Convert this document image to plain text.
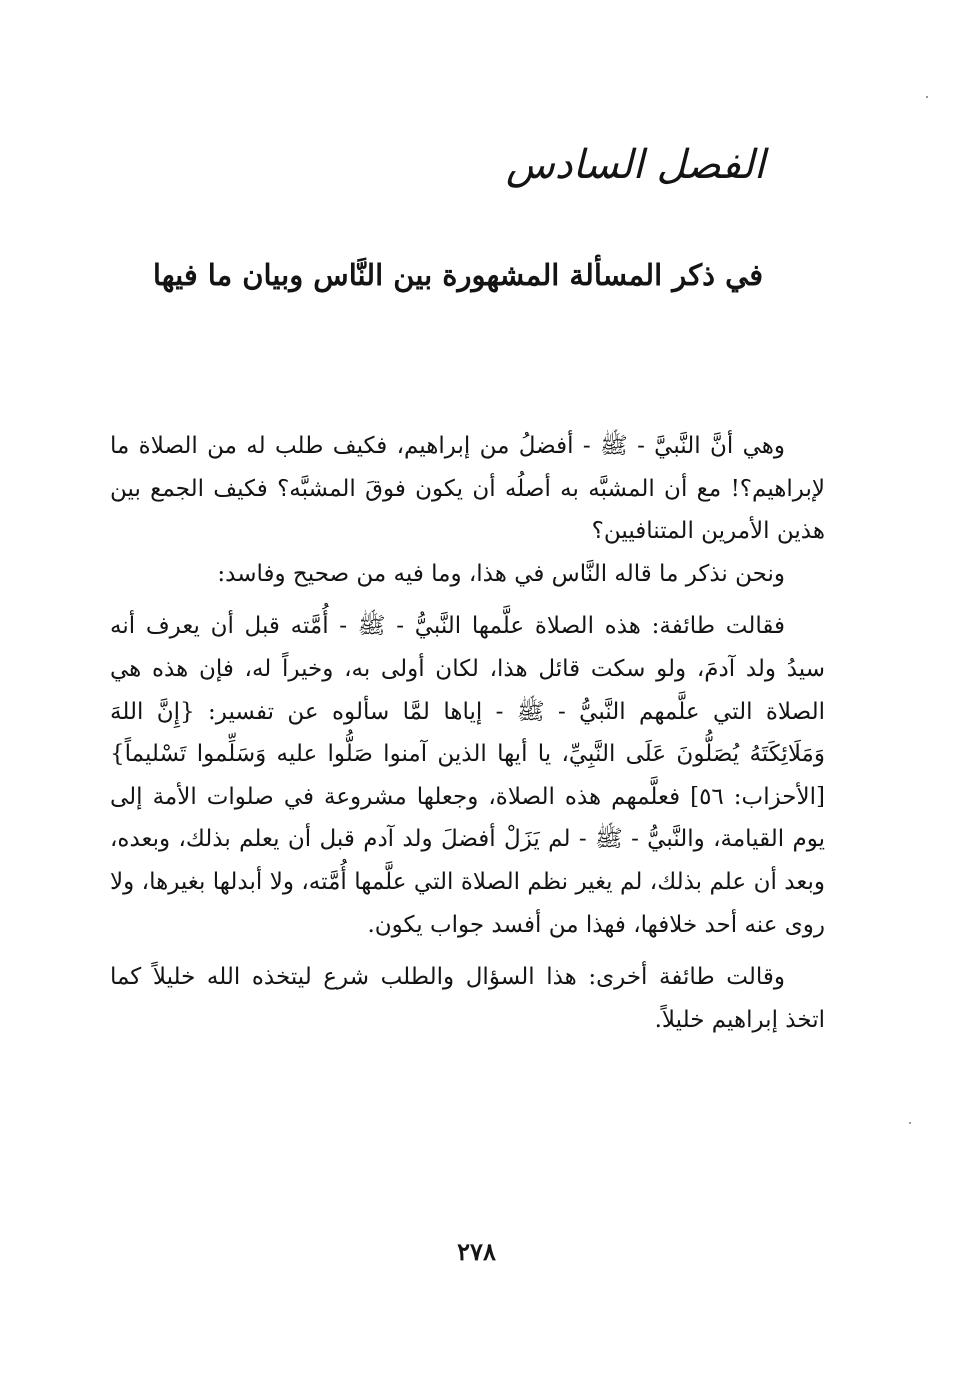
الفصل السادس
في ذكر المسألة المشهورة بين النَّاس وبيان ما فيها

وهي أنَّ النَّبيَّ - ﷺ - أفضلُ من إبراهيم، فكيف طلب له من الصلاة ما لإبراهيم؟! مع أن المشبَّه به أصلُه أن يكون فوقَ المشبَّه؟ فكيف الجمع بين هذين الأمرين المتنافيين؟

ونحن نذكر ما قاله النَّاس في هذا، وما فيه من صحيح وفاسد:

فقالت طائفة: هذه الصلاة علَّمها النَّبيُّ - ﷺ - أُمَّته قبل أن يعرف أنه سيدُ ولد آدمَ، ولو سكت قائل هذا، لكان أولى به، وخيراً له، فإن هذه هي الصلاة التي علَّمهم النَّبيُّ - ﷺ - إياها لمَّا سألوه عن تفسير: {إِنَّ اللهَ وَمَلَائِكَتَهُ يُصَلُّونَ عَلَى النَّبِيِّ، يا أيها الذين آمنوا صَلُّوا عليه وَسَلِّموا تَسْليماً} [الأحزاب: ٥٦] فعلَّمهم هذه الصلاة، وجعلها مشروعة في صلوات الأمة إلى يوم القيامة، والنَّبيُّ - ﷺ - لم يَزَلْ أفضلَ ولد آدم قبل أن يعلم بذلك، وبعده، وبعد أن علم بذلك، لم يغير نظم الصلاة التي علَّمها أُمَّته، ولا أبدلها بغيرها، ولا روى عنه أحد خلافها، فهذا من أفسد جواب يكون.

وقالت طائفة أخرى: هذا السؤال والطلب شرع ليتخذه الله خليلاً كما اتخذ إبراهيم خليلاً.

٢٧٨
